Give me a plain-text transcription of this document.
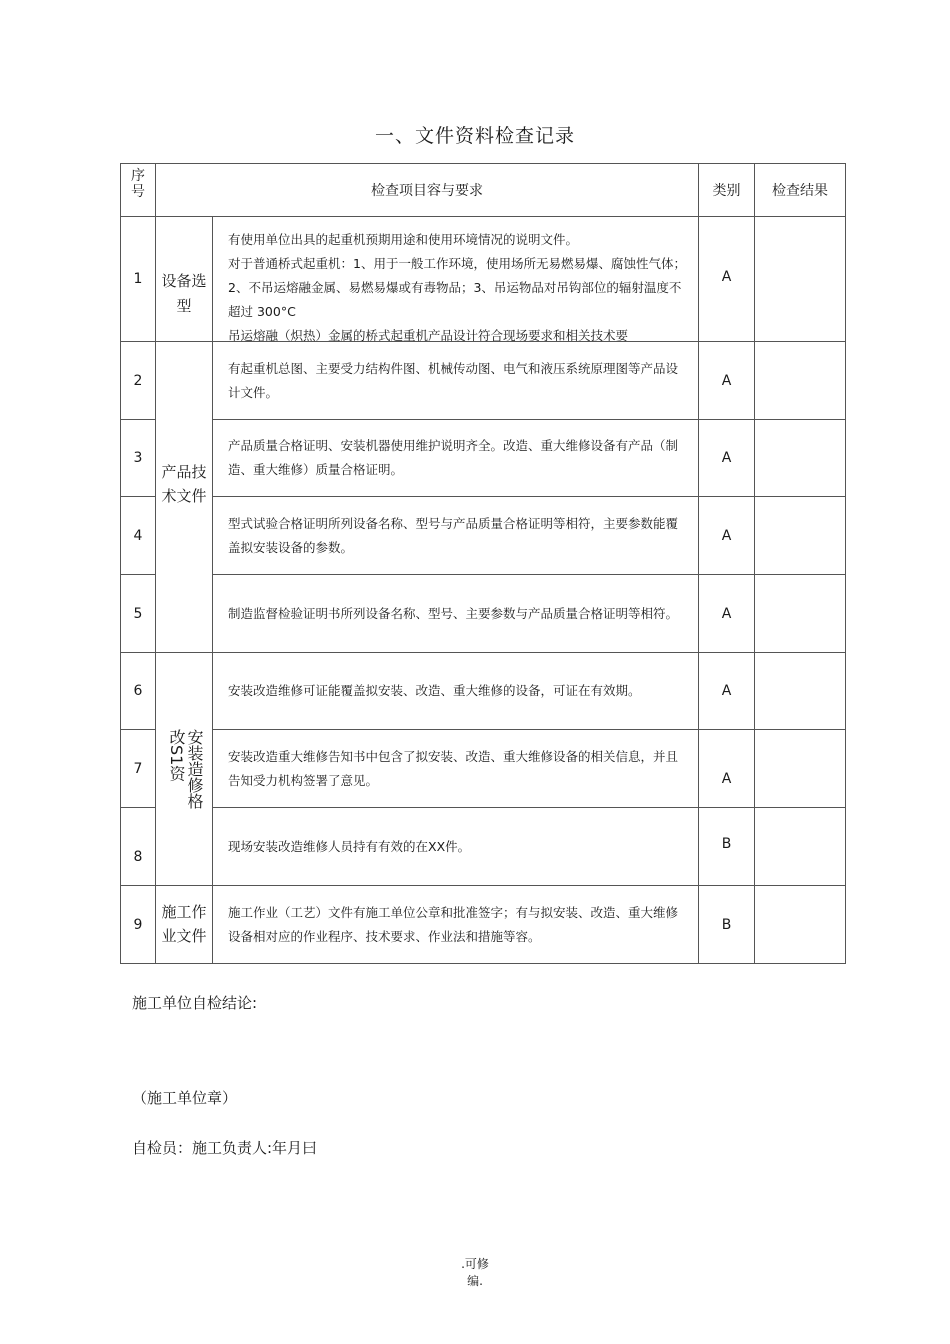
一、文件资料检查记录
序号	检查项目容与要求	类别 检查结果
1
2
3
4
5
6
7
8
9
设备选型
产品技术文件
安装造修格改S1资
施工作业文件
有使用单位出具的起重机预期用途和使用环境情况的说明文件。
对于普通桥式起重机：1、用于一般工作环境，使用场所无易燃易爆、腐蚀性气体；2、不吊运熔融金属、易燃易爆或有毒物品；3、吊运物品对吊钩部位的辐射温度不超过 300°C
吊运熔融（炽热）金属的桥式起重机产品设计符合现场要求和相关技术要
有起重机总图、主要受力结构件图、机械传动图、电气和液压系统原理图等产品设计文件。
产品质量合格证明、安装机器使用维护说明齐全。改造、重大维修设备有产品（制造、重大维修）质量合格证明。
型式试验合格证明所列设备名称、型号与产品质量合格证明等相符，主要参数能覆盖拟安装设备的参数。
制造监督检验证明书所列设备名称、型号、主要参数与产品质量合格证明等相符。
安装改造维修可证能覆盖拟安装、改造、重大维修的设备，可证在有效期。
安装改造重大维修告知书中包含了拟安装、改造、重大维修设备的相关信息，并且告知受力机构签署了意见。
现场安装改造维修人员持有有效的在XX件。
施工作业（工艺）文件有施工单位公章和批准签字；有与拟安装、改造、重大维修设备相对应的作业程序、技术要求、作业法和措施等容。
A
A
A
A
A
A
A
B
B
施工单位自检结论:
（施工单位章）
自检员：施工负责人:年月曰
.可修
编.
